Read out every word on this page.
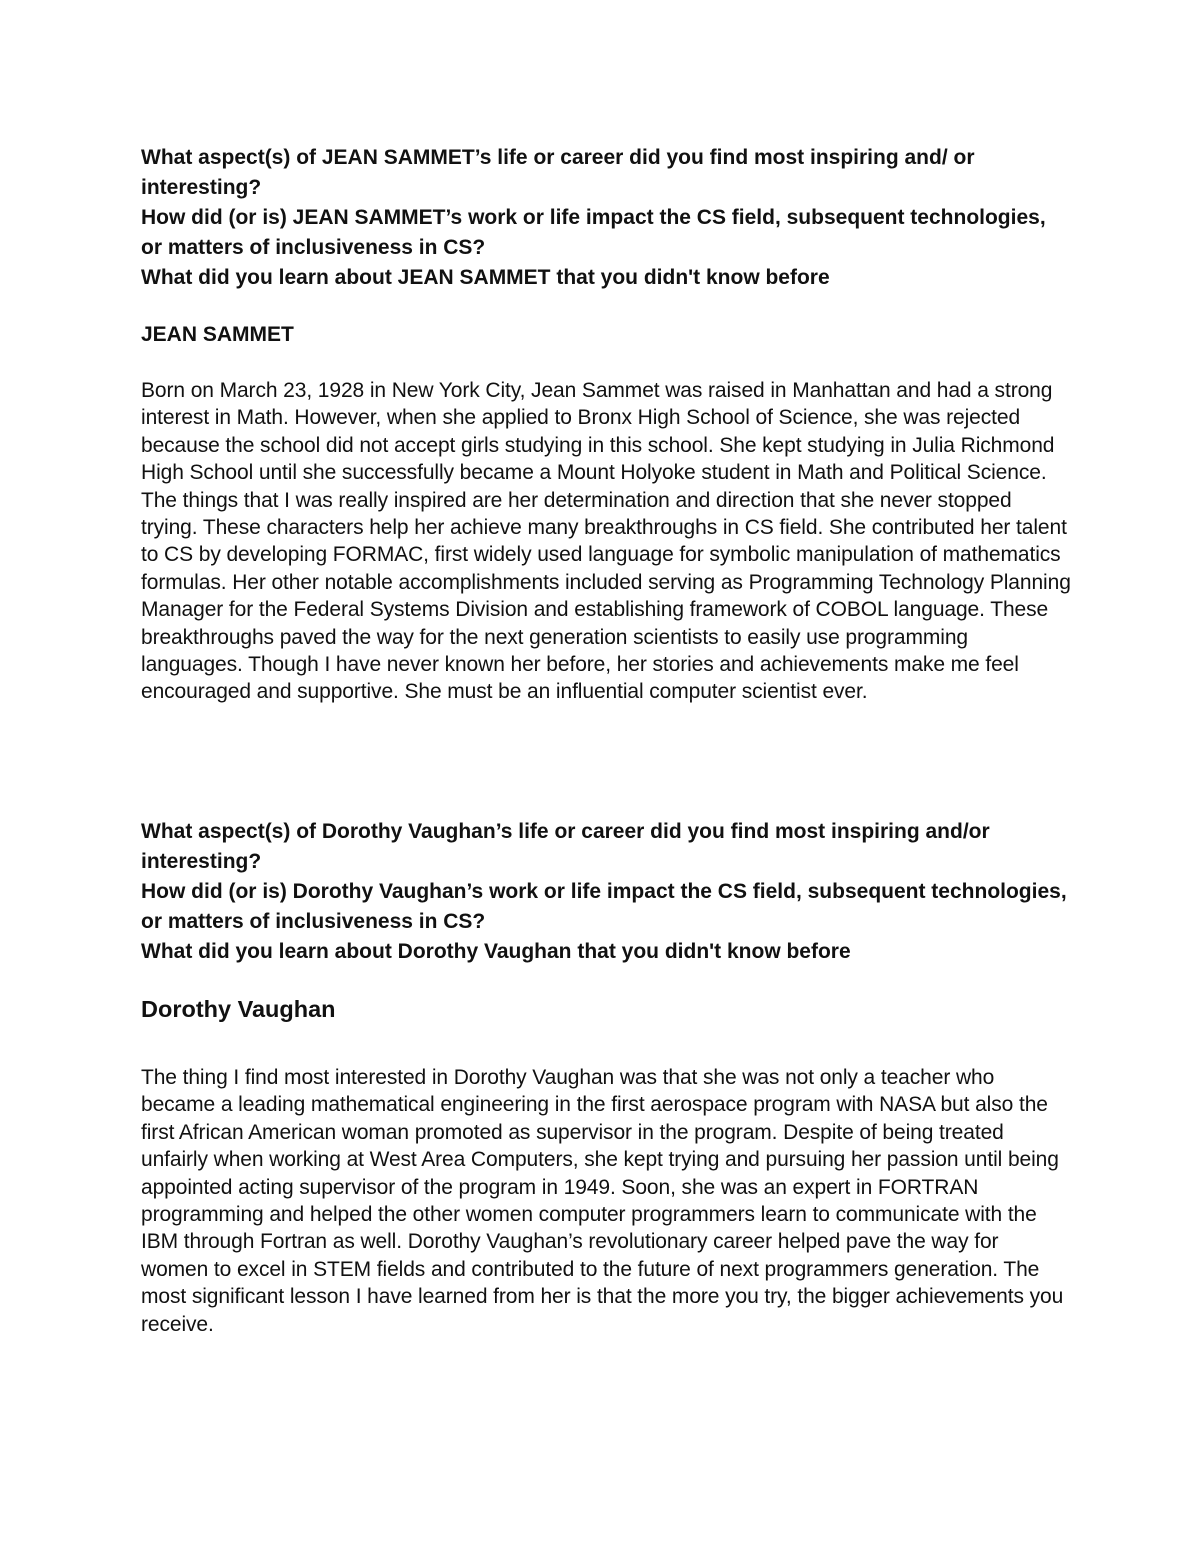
What aspect(s) of JEAN SAMMET’s life or career did you find most inspiring and/ or interesting?

How did (or is) JEAN SAMMET’s work or life impact the CS field, subsequent technologies, or matters of inclusiveness in CS?

What did you learn about JEAN SAMMET that you didn't know before

JEAN SAMMET

Born on March 23, 1928 in New York City, Jean Sammet was raised in Manhattan and had a strong interest in Math. However, when she applied to Bronx High School of Science, she was rejected because the school did not accept girls studying in this school. She kept studying in Julia Richmond High School until she successfully became a Mount Holyoke student in Math and Political Science. The things that I was really inspired are her determination and direction that she never stopped trying. These characters help her achieve many breakthroughs in CS field. She contributed her talent to CS by developing FORMAC, first widely used language for symbolic manipulation of mathematics formulas. Her other notable accomplishments included serving as Programming Technology Planning Manager for the Federal Systems Division and establishing framework of COBOL language. These breakthroughs paved the way for the next generation scientists to easily use programming languages. Though I have never known her before, her stories and achievements make me feel encouraged and supportive. She must be an influential computer scientist ever.

What aspect(s) of Dorothy Vaughan’s life or career did you find most inspiring and/or interesting?

How did (or is) Dorothy Vaughan’s work or life impact the CS field, subsequent technologies, or matters of inclusiveness in CS?

What did you learn about Dorothy Vaughan that you didn't know before

Dorothy Vaughan

The thing I find most interested in Dorothy Vaughan was that she was not only a teacher who became a leading mathematical engineering in the first aerospace program with NASA but also the first African American woman promoted as supervisor in the program. Despite of being treated unfairly when working at West Area Computers, she kept trying and pursuing her passion until being appointed acting supervisor of the program in 1949. Soon, she was an expert in FORTRAN programming and helped the other women computer programmers learn to communicate with the IBM through Fortran as well. Dorothy Vaughan’s revolutionary career helped pave the way for women to excel in STEM fields and contributed to the future of next programmers generation. The most significant lesson I have learned from her is that the more you try, the bigger achievements you receive.
